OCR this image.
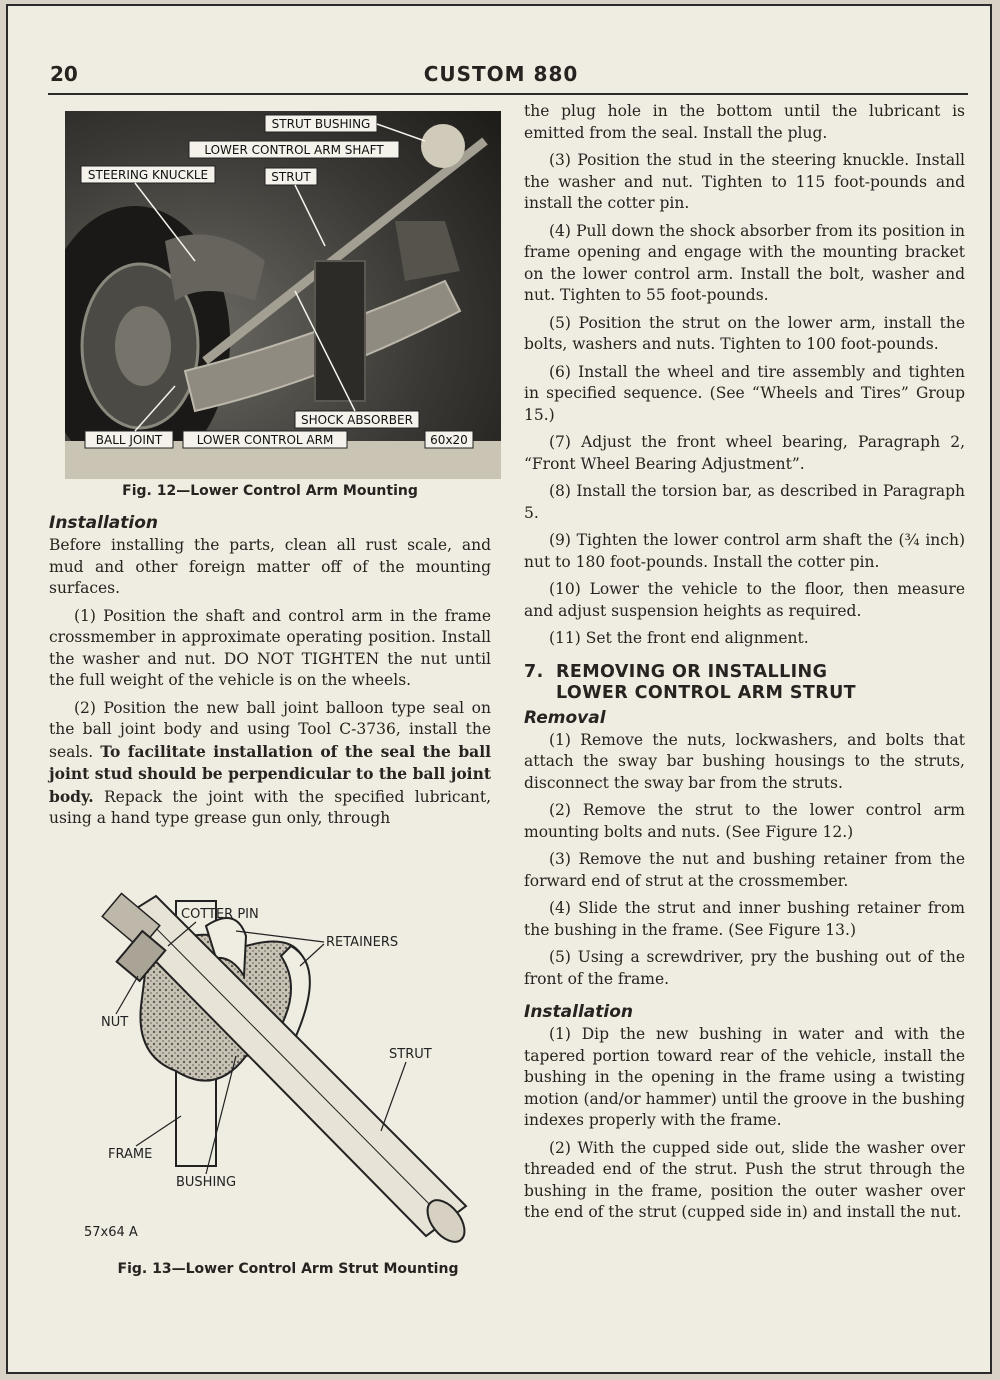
20	CUSTOM 880
STRUT BUSHING
LOWER CONTROL ARM SHAFT
STEERING KNUCKLE	STRUT
SHOCK ABSORBER
BALL JOINT	LOWER CONTROL ARM	60x20
Fig. 12—Lower Control Arm Mounting
Installation

Before installing the parts, clean all rust scale, and mud and other foreign matter off of the mounting surfaces.

(1) Position the shaft and control arm in the frame crossmember in approximate operating position. Install the washer and nut. DO NOT TIGHTEN the nut until the full weight of the vehicle is on the wheels.

(2) Position the new ball joint balloon type seal on the ball joint body and using Tool C-3736, install the seals. To facilitate installation of the seal the ball joint stud should be perpendicular to the ball joint body. Repack the joint with the specified lubricant, using a hand type grease gun only, through

COTTER PIN
RETAINERS
NUT
STRUT
FRAME
BUSHING
57x64 A
Fig. 13—Lower Control Arm Strut Mounting

the plug hole in the bottom until the lubricant is emitted from the seal. Install the plug.

(3) Position the stud in the steering knuckle. Install the washer and nut. Tighten to 115 foot-pounds and install the cotter pin.

(4) Pull down the shock absorber from its position in frame opening and engage with the mounting bracket on the lower control arm. Install the bolt, washer and nut. Tighten to 55 foot-pounds.

(5) Position the strut on the lower arm, install the bolts, washers and nuts. Tighten to 100 foot-pounds.

(6) Install the wheel and tire assembly and tighten in specified sequence. (See “Wheels and Tires” Group 15.)

(7) Adjust the front wheel bearing, Paragraph 2, “Front Wheel Bearing Adjustment”.

(8) Install the torsion bar, as described in Paragraph 5.

(9) Tighten the lower control arm shaft the (¾ inch) nut to 180 foot-pounds. Install the cotter pin.

(10) Lower the vehicle to the floor, then measure and adjust suspension heights as required.

(11) Set the front end alignment.

7. REMOVING OR INSTALLING
LOWER CONTROL ARM STRUT
Removal

(1) Remove the nuts, lockwashers, and bolts that attach the sway bar bushing housings to the struts, disconnect the sway bar from the struts.

(2) Remove the strut to the lower control arm mounting bolts and nuts. (See Figure 12.)

(3) Remove the nut and bushing retainer from the forward end of strut at the crossmember.

(4) Slide the strut and inner bushing retainer from the bushing in the frame. (See Figure 13.)

(5) Using a screwdriver, pry the bushing out of the front of the frame.

Installation

(1) Dip the new bushing in water and with the tapered portion toward rear of the vehicle, install the bushing in the opening in the frame using a twisting motion (and/or hammer) until the groove in the bushing indexes properly with the frame.

(2) With the cupped side out, slide the washer over threaded end of the strut. Push the strut through the bushing in the frame, position the outer washer over the end of the strut (cupped side in) and install the nut.
